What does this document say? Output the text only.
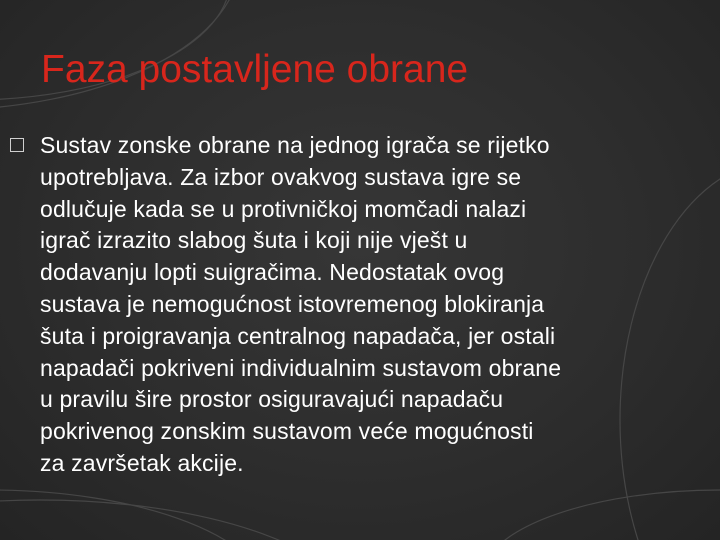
Faza postavljene obrane

Sustav zonske obrane na jednog igrača se rijetko
upotrebljava. Za izbor ovakvog sustava igre se
odlučuje kada se u protivničkoj momčadi nalazi
igrač izrazito slabog šuta i koji nije vješt u
dodavanju lopti suigračima. Nedostatak ovog
sustava je nemogućnost istovremenog blokiranja
šuta i proigravanja centralnog napadača, jer ostali
napadači pokriveni individualnim sustavom obrane
u pravilu šire prostor osiguravajući napadaču
pokrivenog zonskim sustavom veće mogućnosti
za završetak akcije.
